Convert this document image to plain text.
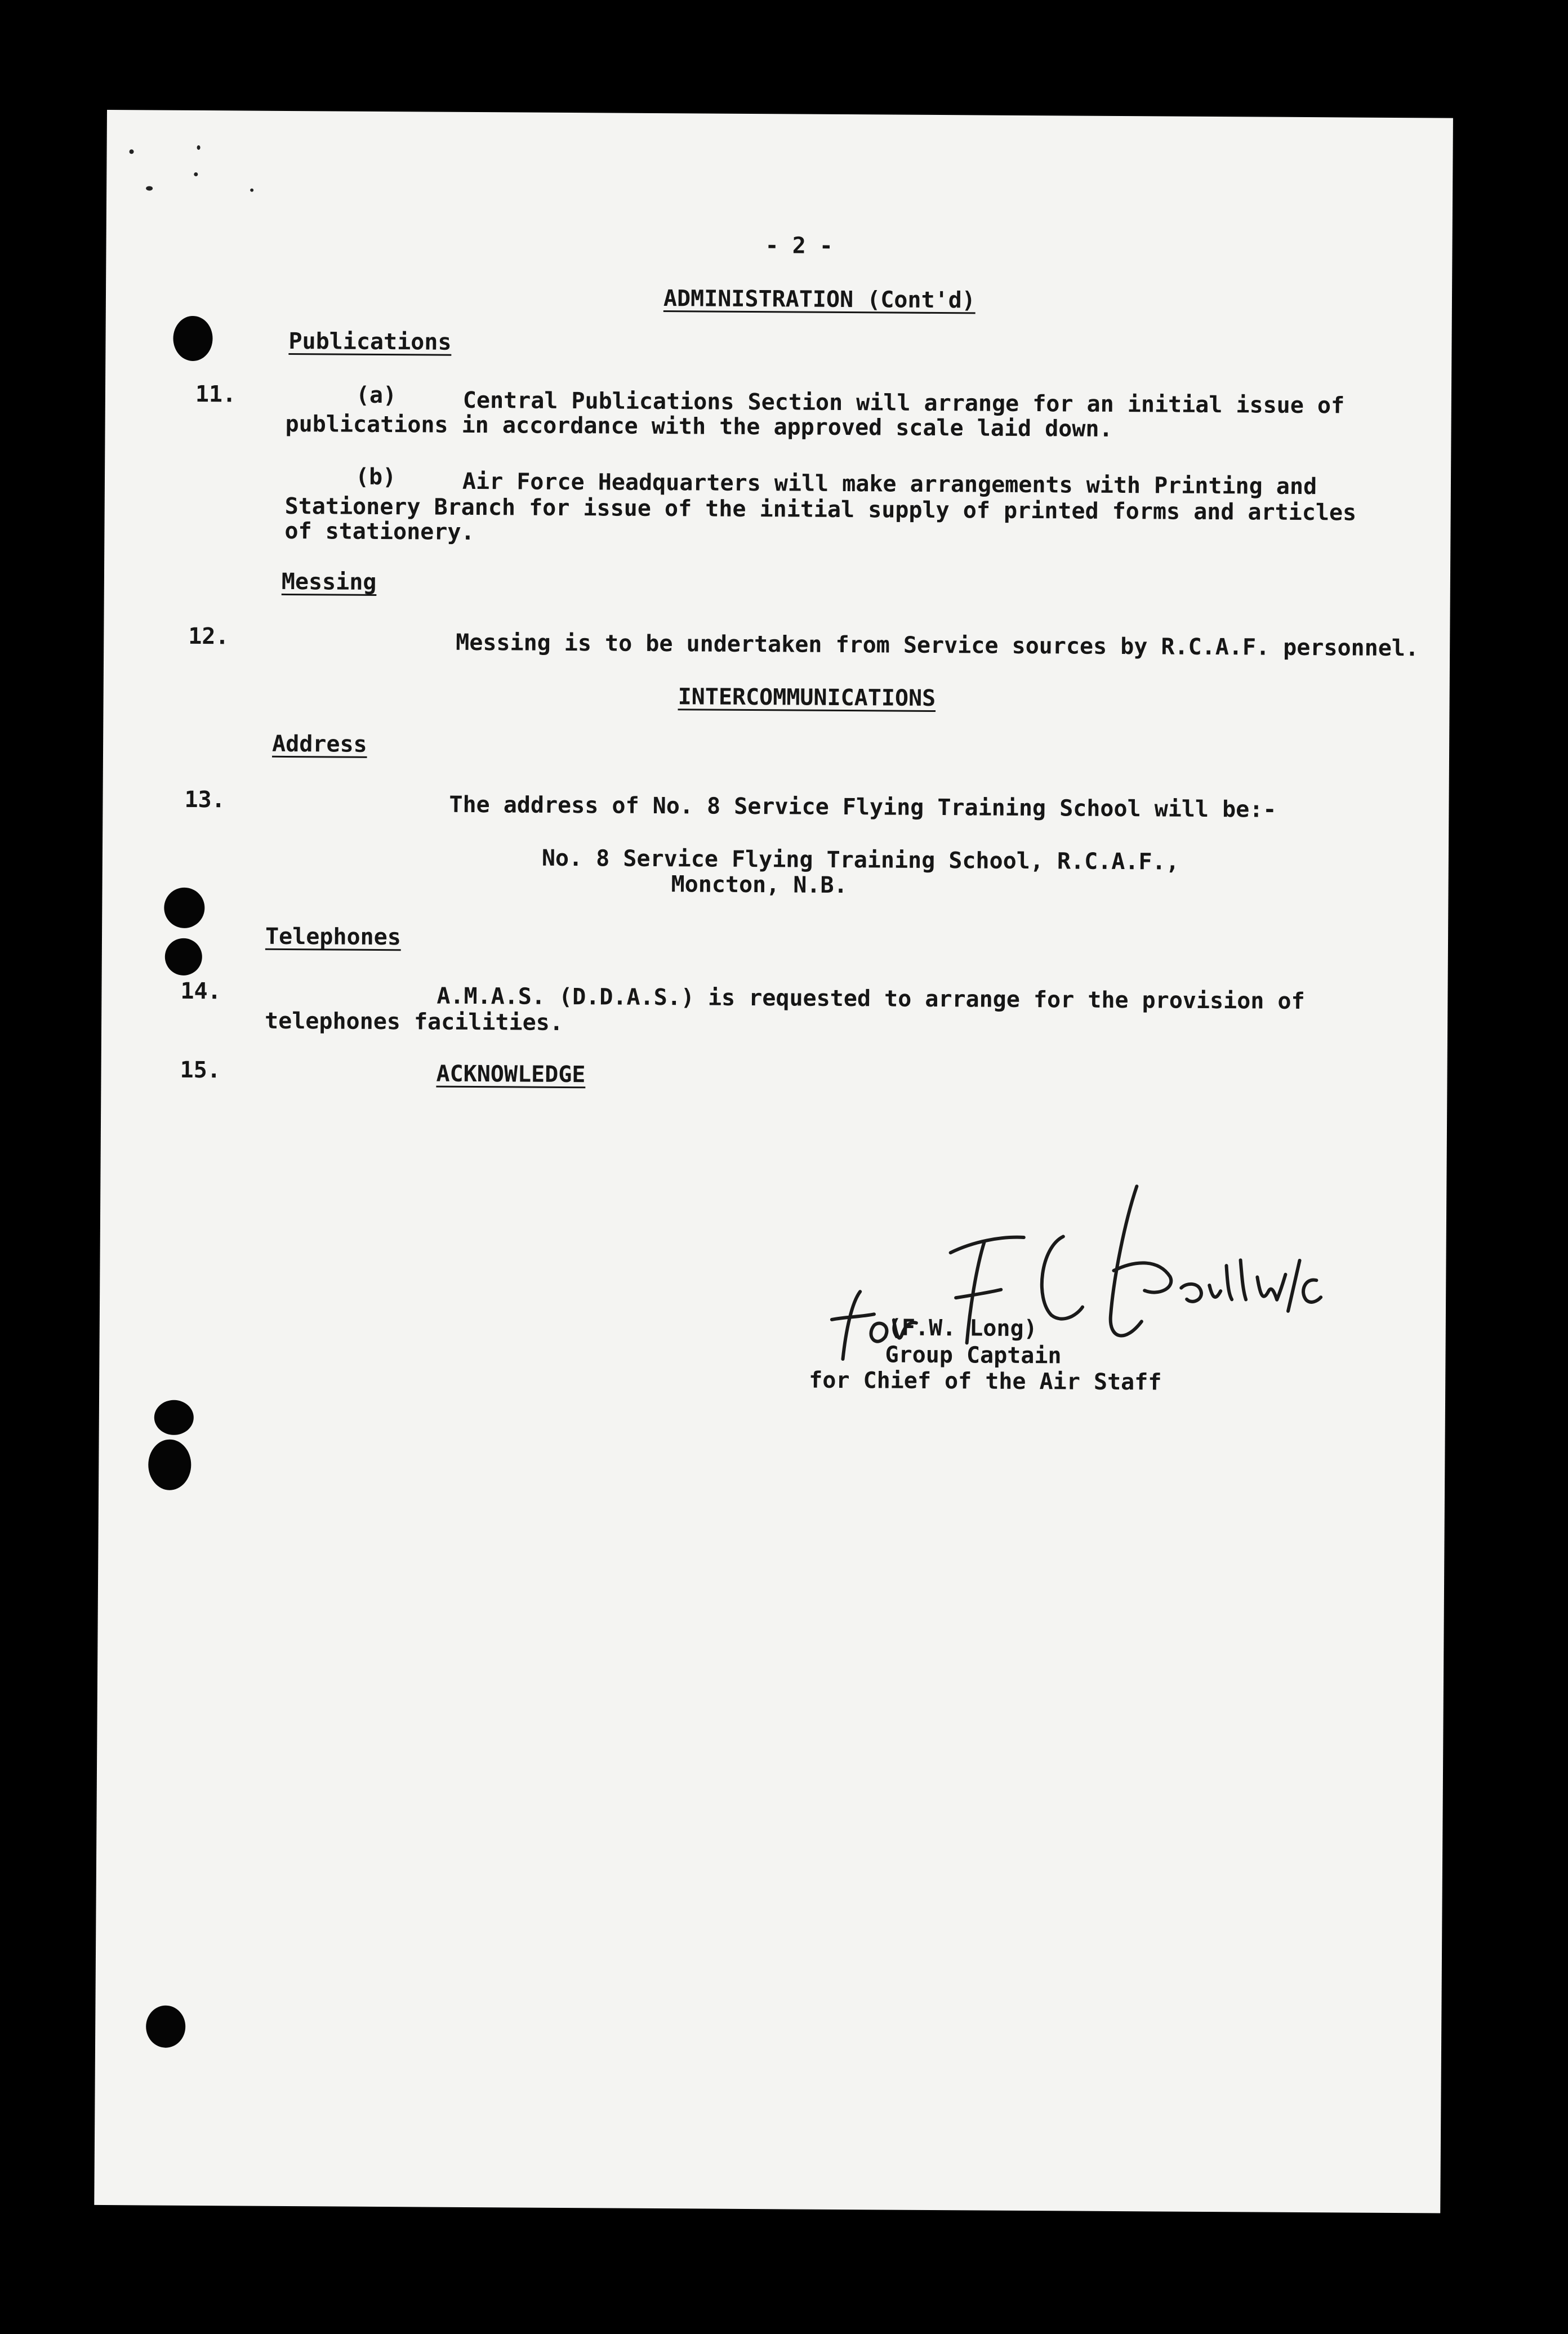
- 2 -
ADMINISTRATION (Cont'd)
Publications
11.	(a)	Central Publications Section will arrange for an initial issue of
publications in accordance with the approved scale laid down.
(b)	Air Force Headquarters will make arrangements with Printing and
Stationery Branch for issue of the initial supply of printed forms and articles
of stationery.
Messing
12.	Messing is to be undertaken from Service sources by R.C.A.F. personnel.
INTERCOMMUNICATIONS
Address
13.	The address of No. 8 Service Flying Training School will be:-
No. 8 Service Flying Training School, R.C.A.F.,
Moncton, N.B.
Telephones
14.	A.M.A.S. (D.D.A.S.) is requested to arrange for the provision of
telephones facilities.
15.	ACKNOWLEDGE
(F.W. Long)
Group Captain
for Chief of the Air Staff
